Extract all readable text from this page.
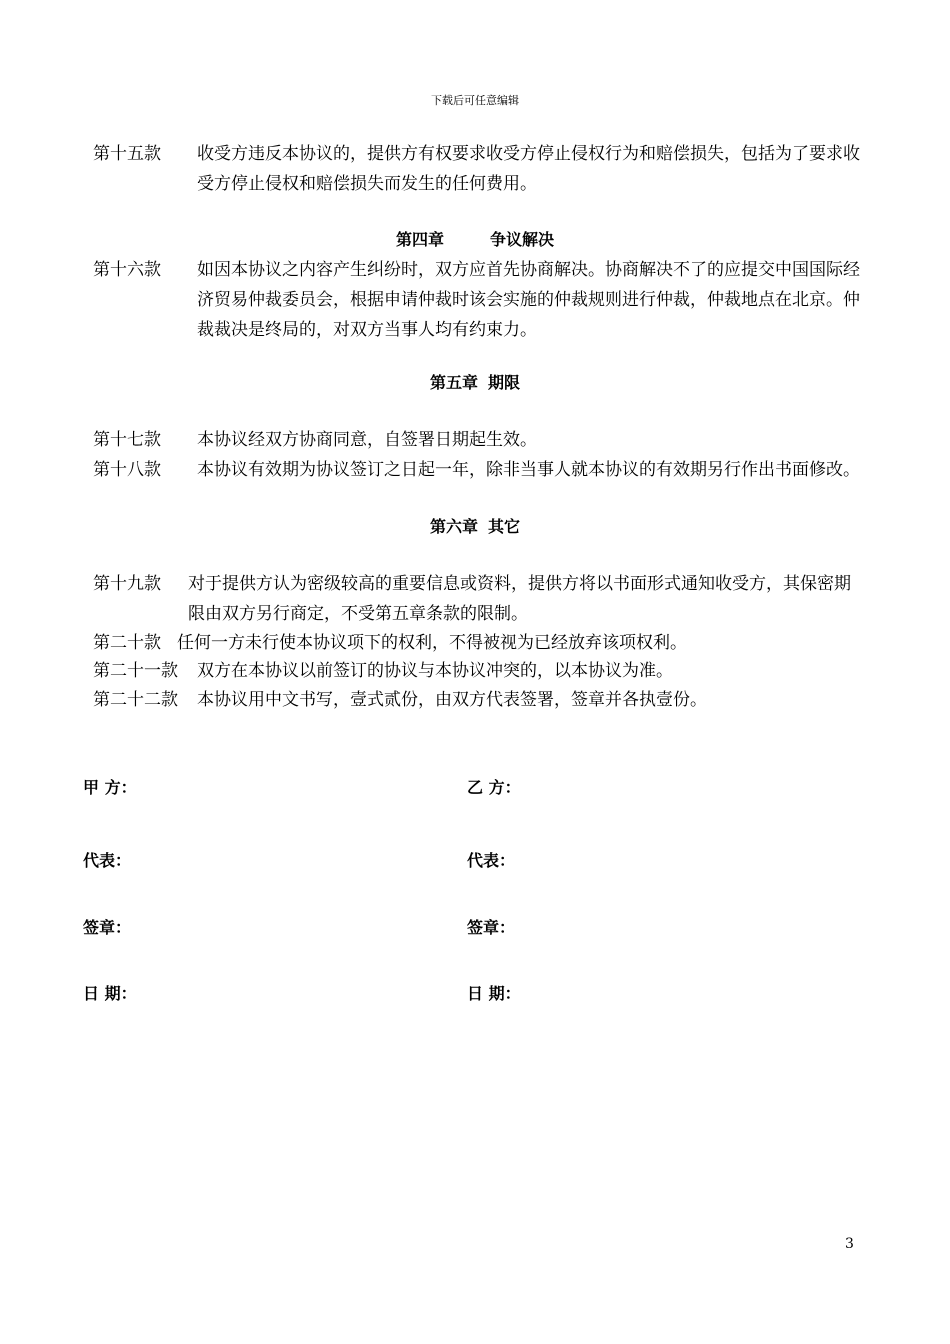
下载后可任意编辑
第十五款	收受方违反本协议的，提供方有权要求收受方停止侵权行为和赔偿损失，包括为了要求收受方停止侵权和赔偿损失而发生的任何费用。
第四章	争议解决
第十六款	如因本协议之内容产生纠纷时，双方应首先协商解决。协商解决不了的应提交中国国际经济贸易仲裁委员会，根据申请仲裁时该会实施的仲裁规则进行仲裁，仲裁地点在北京。仲裁裁决是终局的，对双方当事人均有约束力。
第五章 期限
第十七款	本协议经双方协商同意，自签署日期起生效。
第十八款	本协议有效期为协议签订之日起一年，除非当事人就本协议的有效期另行作出书面修改。
第六章 其它
第十九款	对于提供方认为密级较高的重要信息或资料，提供方将以书面形式通知收受方，其保密期限由双方另行商定，不受第五章条款的限制。
第二十款 任何一方未行使本协议项下的权利，不得被视为已经放弃该项权利。
第二十一款	双方在本协议以前签订的协议与本协议冲突的，以本协议为准。
第二十二款	本协议用中文书写，壹式贰份，由双方代表签署，签章并各执壹份。
甲 方：	乙 方：
代表：	代表：
签章：	签章：
日 期：	日 期：
3
